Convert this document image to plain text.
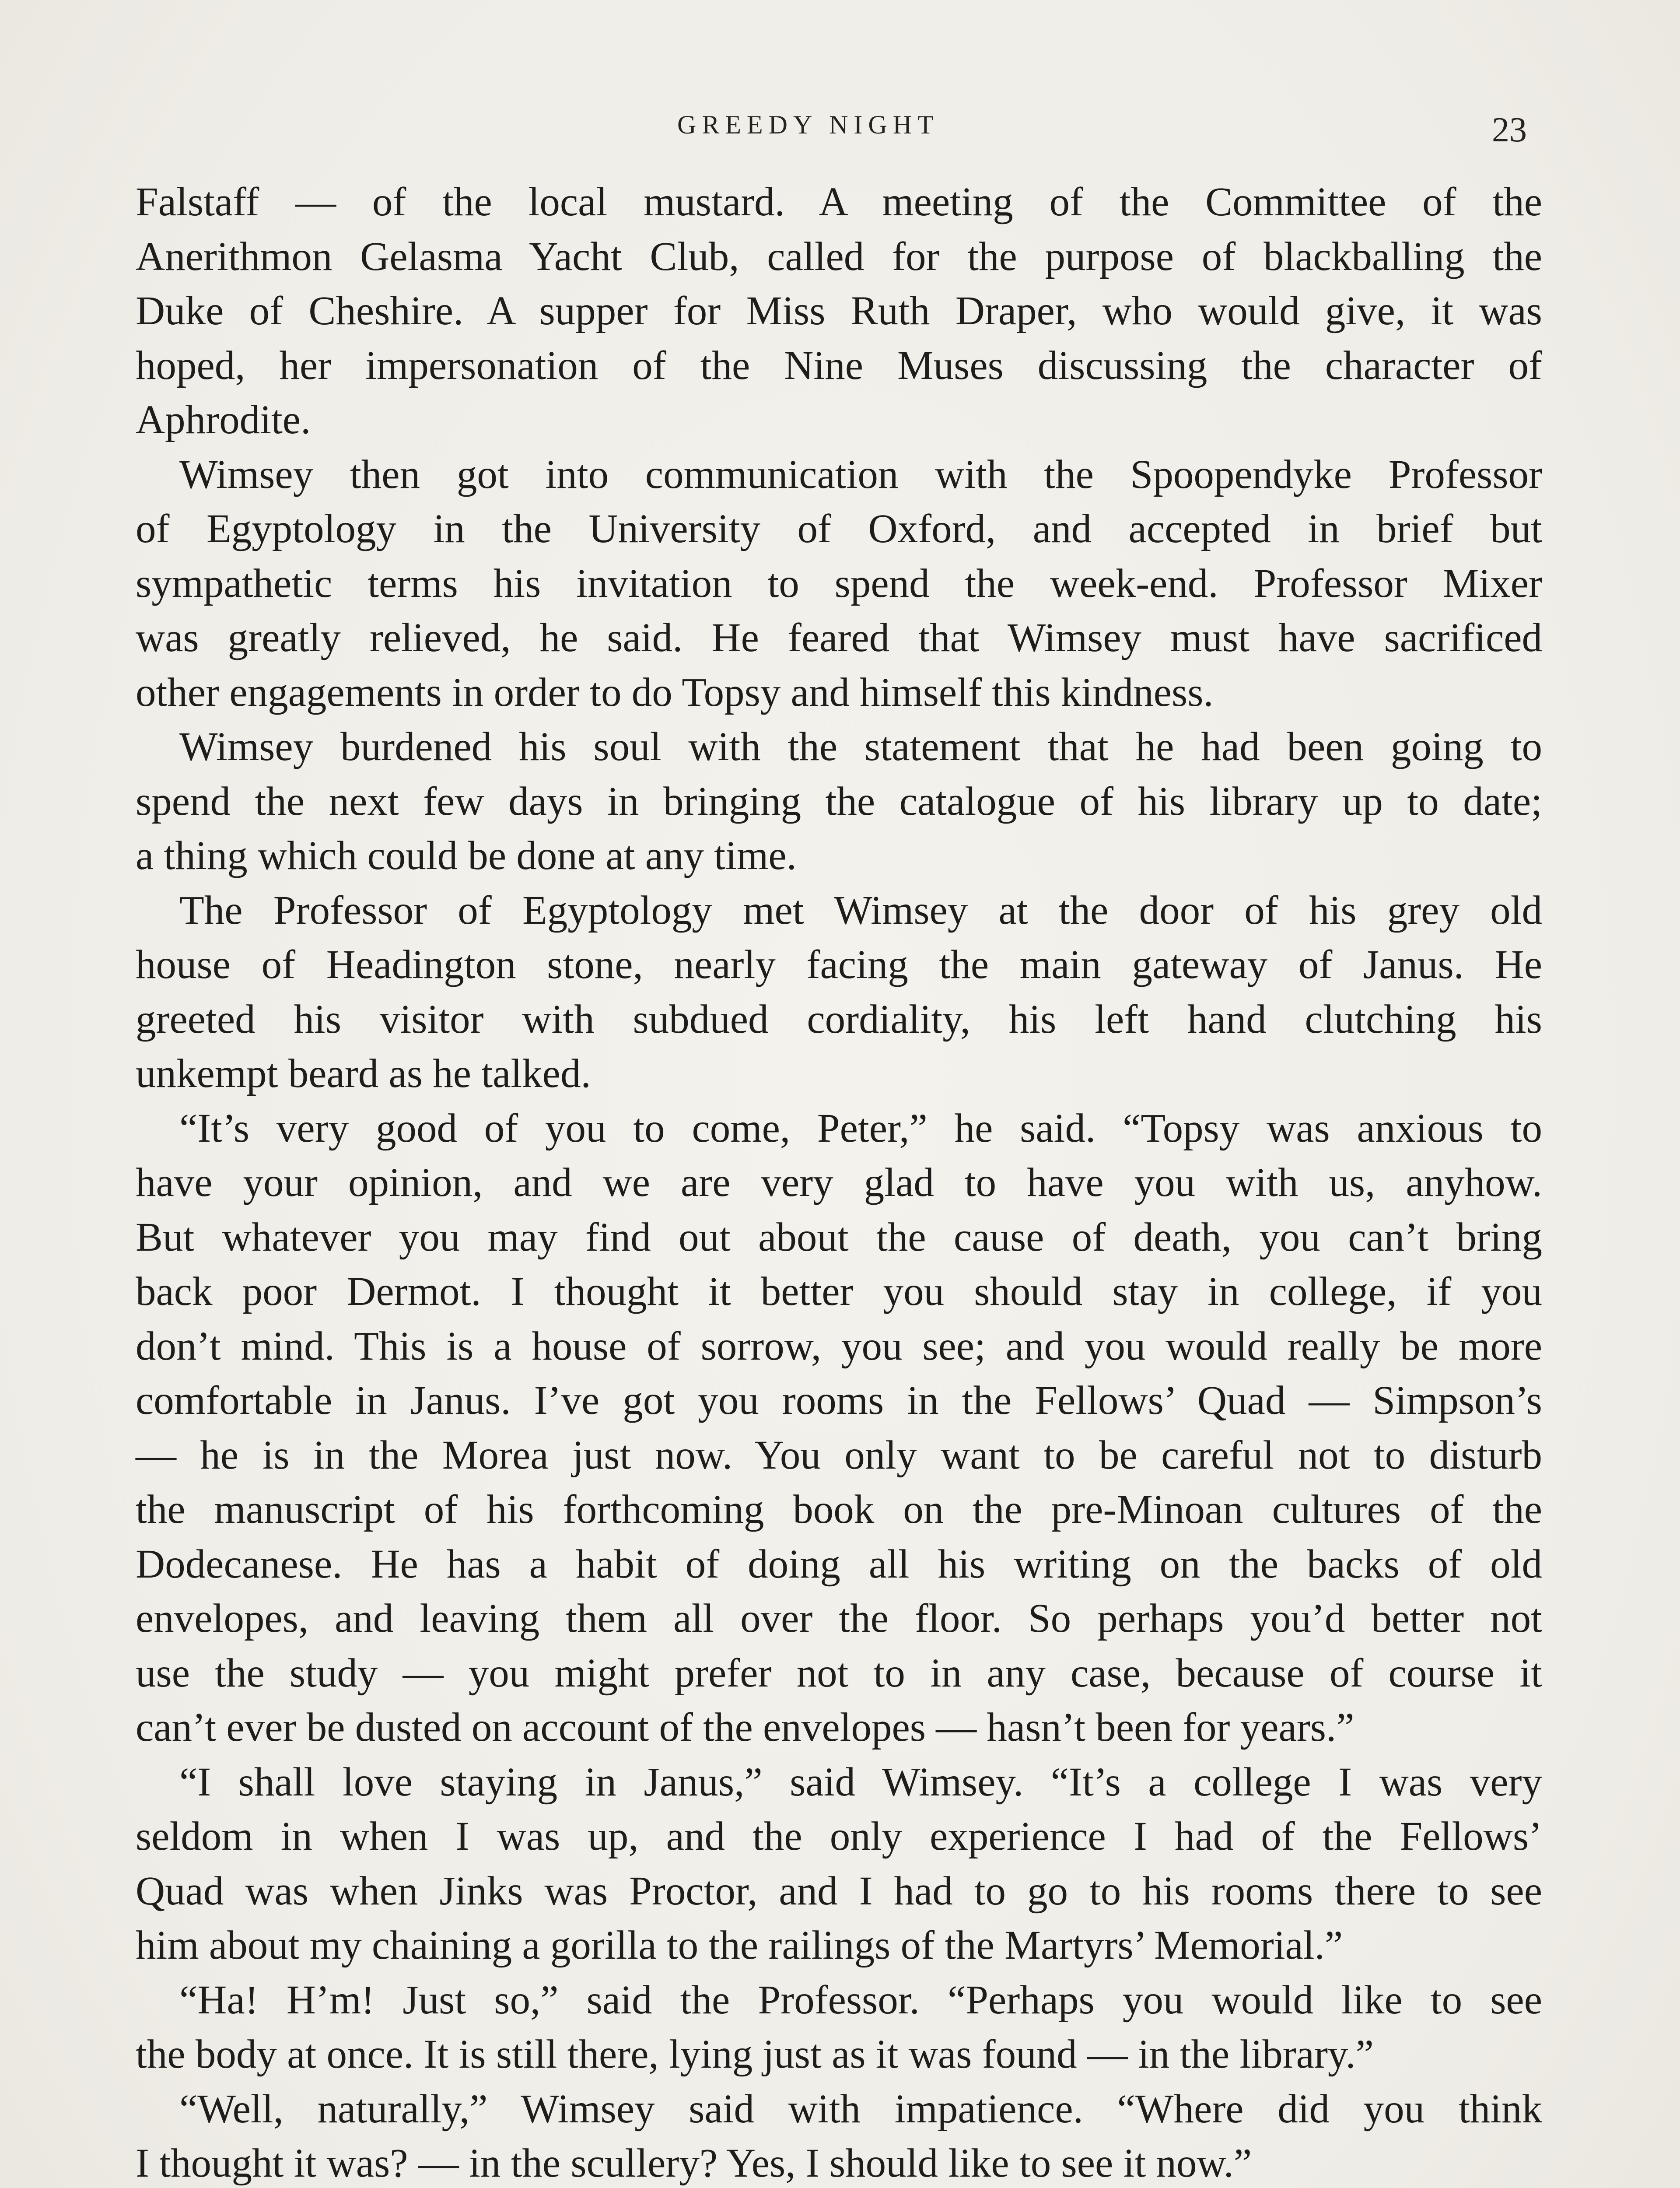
GREEDY NIGHT	23
Falstaff — of the local mustard. A meeting of the Committee of the
Anerithmon Gelasma Yacht Club, called for the purpose of blackballing the
Duke of Cheshire. A supper for Miss Ruth Draper, who would give, it was
hoped, her impersonation of the Nine Muses discussing the character of
Aphrodite.
Wimsey then got into communication with the Spoopendyke Professor
of Egyptology in the University of Oxford, and accepted in brief but
sympathetic terms his invitation to spend the week-end. Professor Mixer
was greatly relieved, he said. He feared that Wimsey must have sacrificed
other engagements in order to do Topsy and himself this kindness.
Wimsey burdened his soul with the statement that he had been going to
spend the next few days in bringing the catalogue of his library up to date;
a thing which could be done at any time.
The Professor of Egyptology met Wimsey at the door of his grey old
house of Headington stone, nearly facing the main gateway of Janus. He
greeted his visitor with subdued cordiality, his left hand clutching his
unkempt beard as he talked.
“It’s very good of you to come, Peter,” he said. “Topsy was anxious to
have your opinion, and we are very glad to have you with us, anyhow.
But whatever you may find out about the cause of death, you can’t bring
back poor Dermot. I thought it better you should stay in college, if you
don’t mind. This is a house of sorrow, you see; and you would really be more
comfortable in Janus. I’ve got you rooms in the Fellows’ Quad — Simpson’s
— he is in the Morea just now. You only want to be careful not to disturb
the manuscript of his forthcoming book on the pre-Minoan cultures of the
Dodecanese. He has a habit of doing all his writing on the backs of old
envelopes, and leaving them all over the floor. So perhaps you’d better not
use the study — you might prefer not to in any case, because of course it
can’t ever be dusted on account of the envelopes — hasn’t been for years.”
“I shall love staying in Janus,” said Wimsey. “It’s a college I was very
seldom in when I was up, and the only experience I had of the Fellows’
Quad was when Jinks was Proctor, and I had to go to his rooms there to see
him about my chaining a gorilla to the railings of the Martyrs’ Memorial.”
“Ha! H’m! Just so,” said the Professor. “Perhaps you would like to see
the body at once. It is still there, lying just as it was found — in the library.”
“Well, naturally,” Wimsey said with impatience. “Where did you think
I thought it was? — in the scullery? Yes, I should like to see it now.”
